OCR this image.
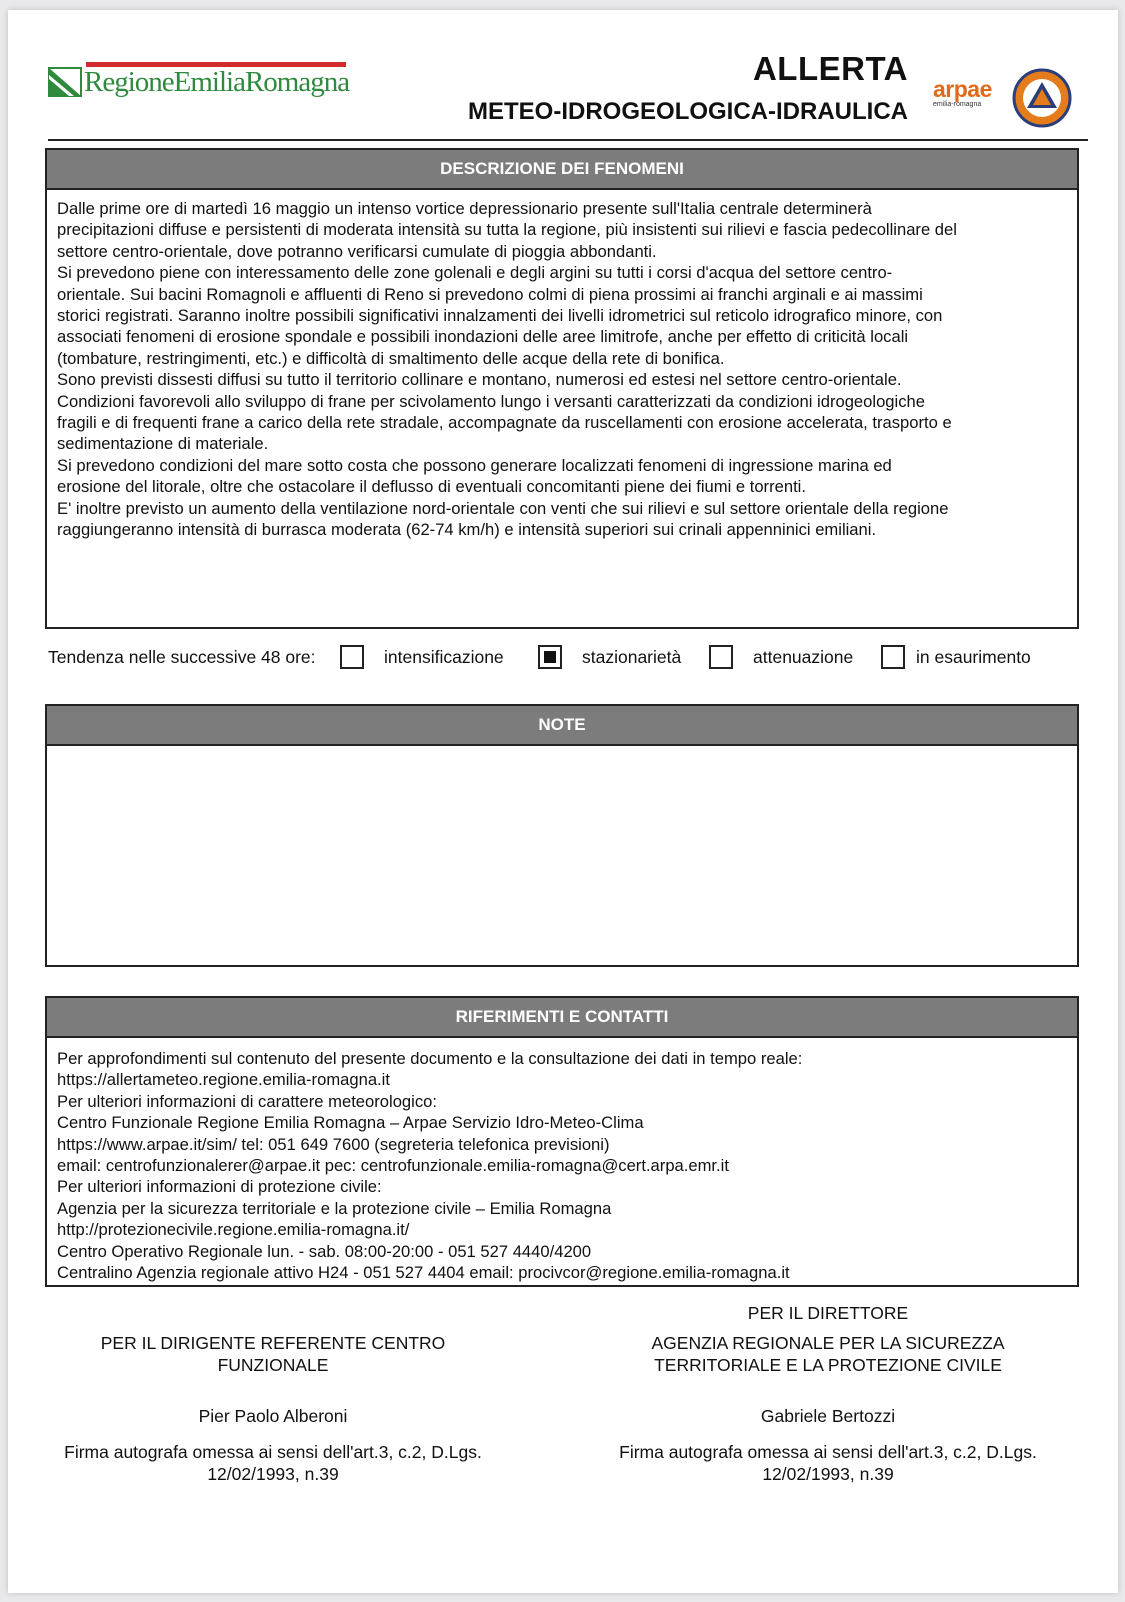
RegioneEmiliaRomagna	ALLERTA
METEO-IDROGEOLOGICA-IDRAULICA
arpae
emilia-romagna
DESCRIZIONE DEI FENOMENI
Dalle prime ore di martedì 16 maggio un intenso vortice depressionario presente sull'Italia centrale determinerà
precipitazioni diffuse e persistenti di moderata intensità su tutta la regione, più insistenti sui rilievi e fascia pedecollinare del
settore centro-orientale, dove potranno verificarsi cumulate di pioggia abbondanti.
Si prevedono piene con interessamento delle zone golenali e degli argini su tutti i corsi d'acqua del settore centro-
orientale. Sui bacini Romagnoli e affluenti di Reno si prevedono colmi di piena prossimi ai franchi arginali e ai massimi
storici registrati. Saranno inoltre possibili significativi innalzamenti dei livelli idrometrici sul reticolo idrografico minore, con
associati fenomeni di erosione spondale e possibili inondazioni delle aree limitrofe, anche per effetto di criticità locali
(tombature, restringimenti, etc.) e difficoltà di smaltimento delle acque della rete di bonifica.
Sono previsti dissesti diffusi su tutto il territorio collinare e montano, numerosi ed estesi nel settore centro-orientale.
Condizioni favorevoli allo sviluppo di frane per scivolamento lungo i versanti caratterizzati da condizioni idrogeologiche
fragili e di frequenti frane a carico della rete stradale, accompagnate da ruscellamenti con erosione accelerata, trasporto e
sedimentazione di materiale.
Si prevedono condizioni del mare sotto costa che possono generare localizzati fenomeni di ingressione marina ed
erosione del litorale, oltre che ostacolare il deflusso di eventuali concomitanti piene dei fiumi e torrenti.
E' inoltre previsto un aumento della ventilazione nord-orientale con venti che sui rilievi e sul settore orientale della regione
raggiungeranno intensità di burrasca moderata (62-74 km/h) e intensità superiori sui crinali appenninici emiliani.
Tendenza nelle successive 48 ore:	intensificazione	stazionarietà	attenuazione	in esaurimento
NOTE
RIFERIMENTI E CONTATTI
Per approfondimenti sul contenuto del presente documento e la consultazione dei dati in tempo reale:
https://allertameteo.regione.emilia-romagna.it
Per ulteriori informazioni di carattere meteorologico:
Centro Funzionale Regione Emilia Romagna – Arpae Servizio Idro-Meteo-Clima
https://www.arpae.it/sim/ tel: 051 649 7600 (segreteria telefonica previsioni)
email: centrofunzionalerer@arpae.it pec: centrofunzionale.emilia-romagna@cert.arpa.emr.it
Per ulteriori informazioni di protezione civile:
Agenzia per la sicurezza territoriale e la protezione civile – Emilia Romagna
http://protezionecivile.regione.emilia-romagna.it/
Centro Operativo Regionale lun. - sab. 08:00-20:00 - 051 527 4440/4200
Centralino Agenzia regionale attivo H24 - 051 527 4404 email: procivcor@regione.emilia-romagna.it
PER IL DIRIGENTE REFERENTE CENTRO
FUNZIONALE
Pier Paolo Alberoni
Firma autografa omessa ai sensi dell'art.3, c.2, D.Lgs.
12/02/1993, n.39
PER IL DIRETTORE
AGENZIA REGIONALE PER LA SICUREZZA
TERRITORIALE E LA PROTEZIONE CIVILE
Gabriele Bertozzi
Firma autografa omessa ai sensi dell'art.3, c.2, D.Lgs.
12/02/1993, n.39
